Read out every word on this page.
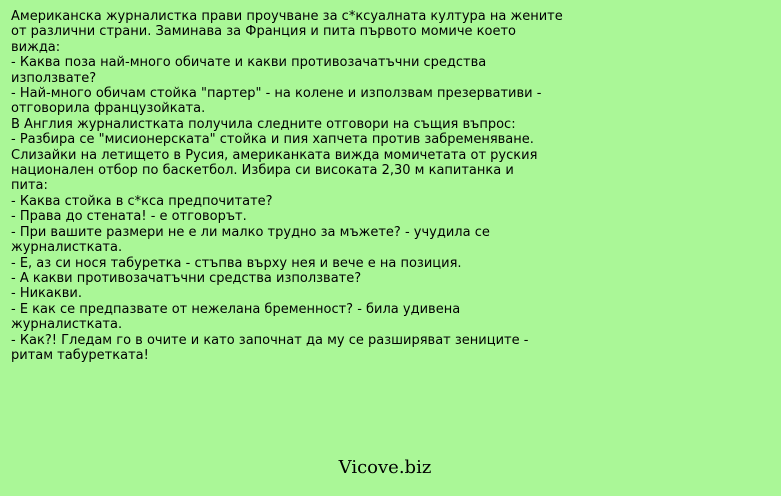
Американска журналистка прави проучване за с*ксуалната култура на жените
от различни страни. Заминава за Франция и пита първото момиче което
вижда:
- Каква поза най-много обичате и какви противозачатъчни средства
използвате?
- Най-много обичам стойка "партер" - на колене и използвам презервативи -
отговорила французойката.
В Англия журналистката получила следните отговори на същия въпрос:
- Разбира се "мисионерската" стойка и пия хапчета против забременяване.
Слизайки на летището в Русия, американката вижда момичетата от руския
национален отбор по баскетбол. Избира си високата 2,30 м капитанка и
пита:
- Каква стойка в с*кса предпочитате?
- Права до стената! - е отговорът.
- При вашите размери не е ли малко трудно за мъжете? - учудила се
журналистката.
- Е, аз си нося табуретка - стъпва върху нея и вече е на позиция.
- А какви противозачатъчни средства използвате?
- Никакви.
- Е как се предпазвате от нежелана бременност? - била удивена
журналистката.
- Как?! Гледам го в очите и като започнат да му се разширяват зениците -
ритам табуретката!
Vicove.biz
